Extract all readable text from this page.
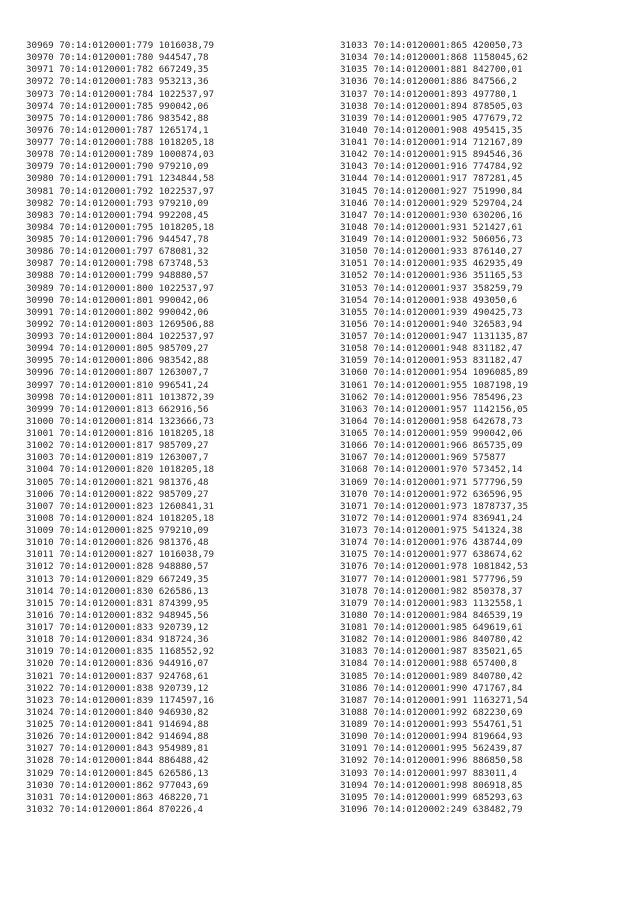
30969 70:14:0120001:779 1016038,79
30970 70:14:0120001:780 944547,78
30971 70:14:0120001:782 667249,35
30972 70:14:0120001:783 953213,36
30973 70:14:0120001:784 1022537,97
30974 70:14:0120001:785 990042,06
30975 70:14:0120001:786 983542,88
30976 70:14:0120001:787 1265174,1
30977 70:14:0120001:788 1018205,18
30978 70:14:0120001:789 1000874,03
30979 70:14:0120001:790 979210,09
30980 70:14:0120001:791 1234844,58
30981 70:14:0120001:792 1022537,97
30982 70:14:0120001:793 979210,09
30983 70:14:0120001:794 992208,45
30984 70:14:0120001:795 1018205,18
30985 70:14:0120001:796 944547,78
30986 70:14:0120001:797 678081,32
30987 70:14:0120001:798 673748,53
30988 70:14:0120001:799 948880,57
30989 70:14:0120001:800 1022537,97
30990 70:14:0120001:801 990042,06
30991 70:14:0120001:802 990042,06
30992 70:14:0120001:803 1269506,88
30993 70:14:0120001:804 1022537,97
30994 70:14:0120001:805 985709,27
30995 70:14:0120001:806 983542,88
30996 70:14:0120001:807 1263007,7
30997 70:14:0120001:810 996541,24
30998 70:14:0120001:811 1013872,39
30999 70:14:0120001:813 662916,56
31000 70:14:0120001:814 1323666,73
31001 70:14:0120001:816 1018205,18
31002 70:14:0120001:817 985709,27
31003 70:14:0120001:819 1263007,7
31004 70:14:0120001:820 1018205,18
31005 70:14:0120001:821 981376,48
31006 70:14:0120001:822 985709,27
31007 70:14:0120001:823 1260841,31
31008 70:14:0120001:824 1018205,18
31009 70:14:0120001:825 979210,09
31010 70:14:0120001:826 981376,48
31011 70:14:0120001:827 1016038,79
31012 70:14:0120001:828 948880,57
31013 70:14:0120001:829 667249,35
31014 70:14:0120001:830 626586,13
31015 70:14:0120001:831 874399,95
31016 70:14:0120001:832 948945,56
31017 70:14:0120001:833 920739,12
31018 70:14:0120001:834 918724,36
31019 70:14:0120001:835 1168552,92
31020 70:14:0120001:836 944916,07
31021 70:14:0120001:837 924768,61
31022 70:14:0120001:838 920739,12
31023 70:14:0120001:839 1174597,16
31024 70:14:0120001:840 946930,82
31025 70:14:0120001:841 914694,88
31026 70:14:0120001:842 914694,88
31027 70:14:0120001:843 954989,81
31028 70:14:0120001:844 886488,42
31029 70:14:0120001:845 626586,13
31030 70:14:0120001:862 977043,69
31031 70:14:0120001:863 468220,71
31032 70:14:0120001:864 870226,4
31033 70:14:0120001:865 420050,73
31034 70:14:0120001:868 1158045,62
31035 70:14:0120001:881 842700,01
31036 70:14:0120001:886 847566,2
31037 70:14:0120001:893 497780,1
31038 70:14:0120001:894 878505,03
31039 70:14:0120001:905 477679,72
31040 70:14:0120001:908 495415,35
31041 70:14:0120001:914 712167,89
31042 70:14:0120001:915 894546,36
31043 70:14:0120001:916 774784,92
31044 70:14:0120001:917 787281,45
31045 70:14:0120001:927 751990,84
31046 70:14:0120001:929 529704,24
31047 70:14:0120001:930 630206,16
31048 70:14:0120001:931 521427,61
31049 70:14:0120001:932 506056,73
31050 70:14:0120001:933 876140,27
31051 70:14:0120001:935 462935,49
31052 70:14:0120001:936 351165,53
31053 70:14:0120001:937 358259,79
31054 70:14:0120001:938 493050,6
31055 70:14:0120001:939 490425,73
31056 70:14:0120001:940 326583,94
31057 70:14:0120001:947 1131135,87
31058 70:14:0120001:948 831182,47
31059 70:14:0120001:953 831182,47
31060 70:14:0120001:954 1096085,89
31061 70:14:0120001:955 1087198,19
31062 70:14:0120001:956 785496,23
31063 70:14:0120001:957 1142156,05
31064 70:14:0120001:958 642678,73
31065 70:14:0120001:959 990042,06
31066 70:14:0120001:966 865735,09
31067 70:14:0120001:969 575877
31068 70:14:0120001:970 573452,14
31069 70:14:0120001:971 577796,59
31070 70:14:0120001:972 636596,95
31071 70:14:0120001:973 1878737,35
31072 70:14:0120001:974 836941,24
31073 70:14:0120001:975 541324,38
31074 70:14:0120001:976 438744,09
31075 70:14:0120001:977 638674,62
31076 70:14:0120001:978 1081842,53
31077 70:14:0120001:981 577796,59
31078 70:14:0120001:982 850378,37
31079 70:14:0120001:983 1132558,1
31080 70:14:0120001:984 846539,19
31081 70:14:0120001:985 649619,61
31082 70:14:0120001:986 840780,42
31083 70:14:0120001:987 835021,65
31084 70:14:0120001:988 657400,8
31085 70:14:0120001:989 840780,42
31086 70:14:0120001:990 471767,84
31087 70:14:0120001:991 1163271,54
31088 70:14:0120001:992 682230,69
31089 70:14:0120001:993 554761,51
31090 70:14:0120001:994 819664,93
31091 70:14:0120001:995 562439,87
31092 70:14:0120001:996 886850,58
31093 70:14:0120001:997 883011,4
31094 70:14:0120001:998 806918,85
31095 70:14:0120001:999 685293,63
31096 70:14:0120002:249 638482,79
